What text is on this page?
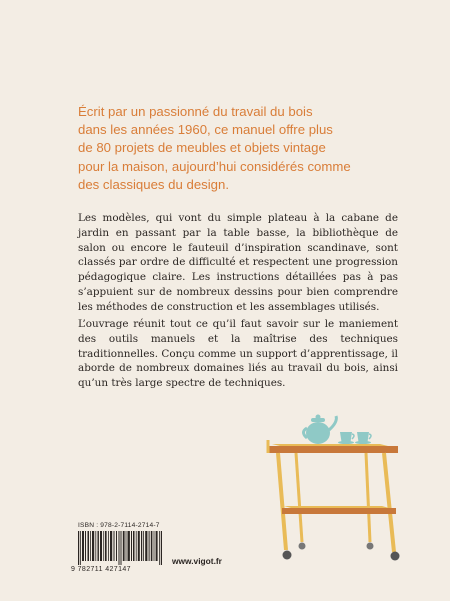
Écrit par un passionné du travail du bois
dans les années 1960, ce manuel offre plus
de 80 projets de meubles et objets vintage
pour la maison, aujourd’hui considérés comme
des classiques du design.

Les modèles, qui vont du simple plateau à la cabane de jardin en passant par la table basse, la bibliothèque de salon ou encore le fauteuil d’inspiration scandinave, sont classés par ordre de difficulté et respectent une progression pédagogique claire. Les instructions détaillées pas à pas s’appuient sur de nombreux dessins pour bien comprendre les méthodes de construction et les assemblages utilisés.

L’ouvrage réunit tout ce qu’il faut savoir sur le maniement des outils manuels et la maîtrise des techniques traditionnelles. Conçu comme un support d’apprentissage, il aborde de nombreux domaines liés au travail du bois, ainsi qu’un très large spectre de techniques.

ISBN : 978-2-7114-2714-7
9 782711 427147
www.vigot.fr
